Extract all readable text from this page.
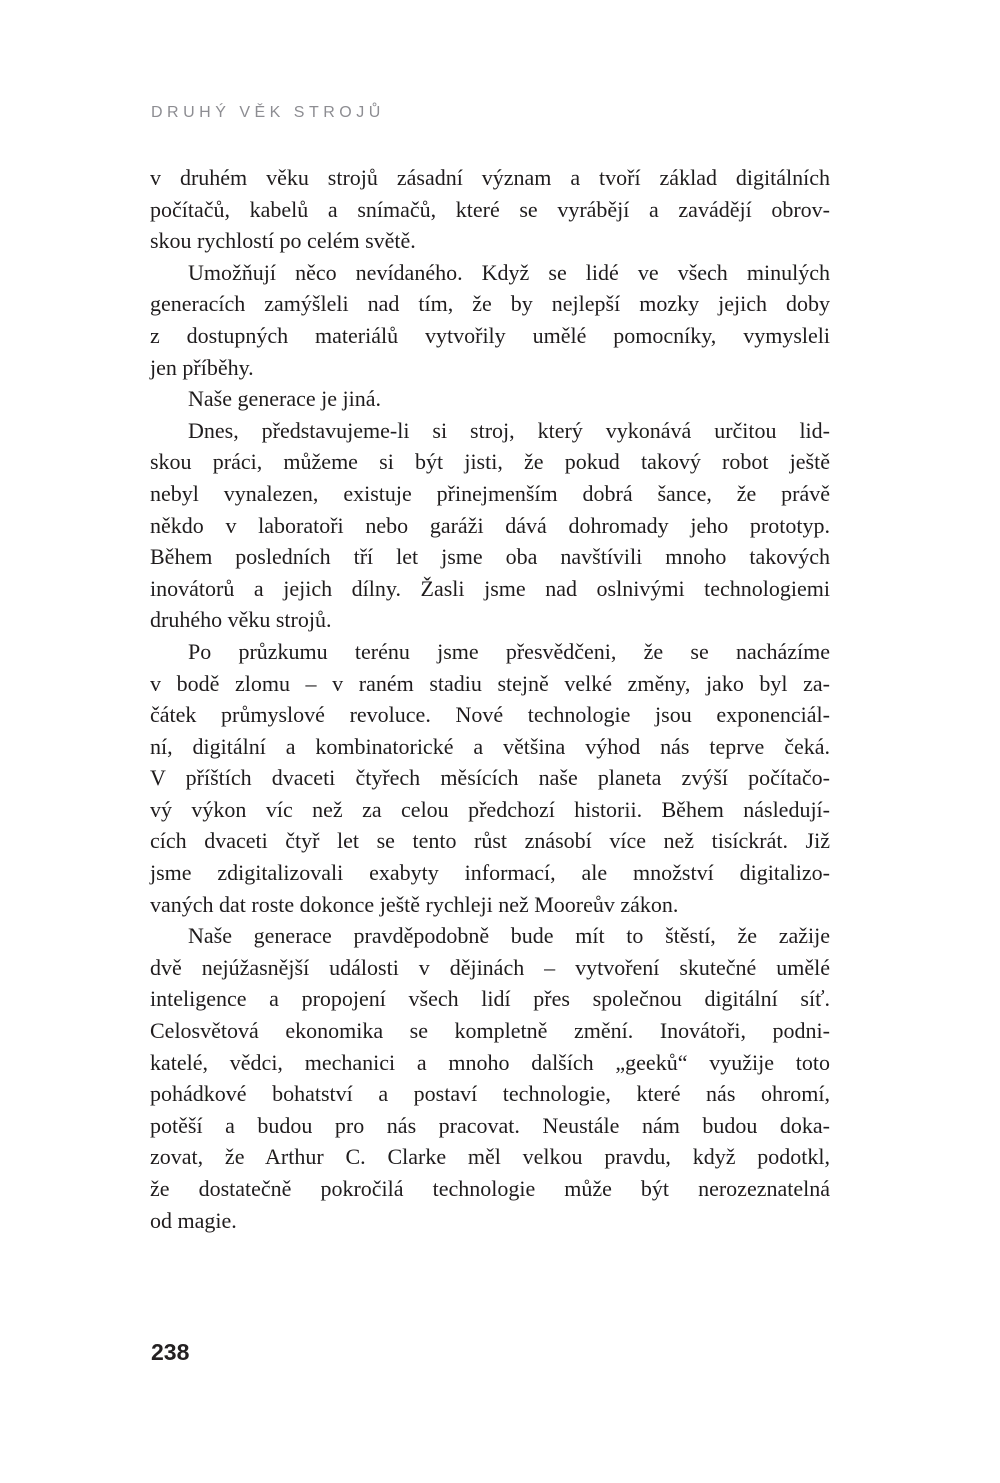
DRUHÝ VĚK STROJŮ
v druhém věku strojů zásadní význam a tvoří základ digitálních
počítačů, kabelů a snímačů, které se vyrábějí a zavádějí obrov-
skou rychlostí po celém světě.
Umožňují něco nevídaného. Když se lidé ve všech minulých
generacích zamýšleli nad tím, že by nejlepší mozky jejich doby
z dostupných materiálů vytvořily umělé pomocníky, vymysleli
jen příběhy.
Naše generace je jiná.
Dnes, představujeme-li si stroj, který vykonává určitou lid-
skou práci, můžeme si být jisti, že pokud takový robot ještě
nebyl vynalezen, existuje přinejmenším dobrá šance, že právě
někdo v laboratoři nebo garáži dává dohromady jeho prototyp.
Během posledních tří let jsme oba navštívili mnoho takových
inovátorů a jejich dílny. Žasli jsme nad oslnivými technologiemi
druhého věku strojů.
Po průzkumu terénu jsme přesvědčeni, že se nacházíme
v bodě zlomu – v raném stadiu stejně velké změny, jako byl za-
čátek průmyslové revoluce. Nové technologie jsou exponenciál-
ní, digitální a kombinatorické a většina výhod nás teprve čeká.
V příštích dvaceti čtyřech měsících naše planeta zvýší počítačo-
vý výkon víc než za celou předchozí historii. Během následují-
cích dvaceti čtyř let se tento růst znásobí více než tisíckrát. Již
jsme zdigitalizovali exabyty informací, ale množství digitalizo-
vaných dat roste dokonce ještě rychleji než Mooreův zákon.
Naše generace pravděpodobně bude mít to štěstí, že zažije
dvě nejúžasnější události v dějinách – vytvoření skutečné umělé
inteligence a propojení všech lidí přes společnou digitální síť.
Celosvětová ekonomika se kompletně změní. Inovátoři, podni-
katelé, vědci, mechanici a mnoho dalších „geeků“ využije toto
pohádkové bohatství a postaví technologie, které nás ohromí,
potěší a budou pro nás pracovat. Neustále nám budou doka-
zovat, že Arthur C. Clarke měl velkou pravdu, když podotkl,
že dostatečně pokročilá technologie může být nerozeznatelná
od magie.
238
